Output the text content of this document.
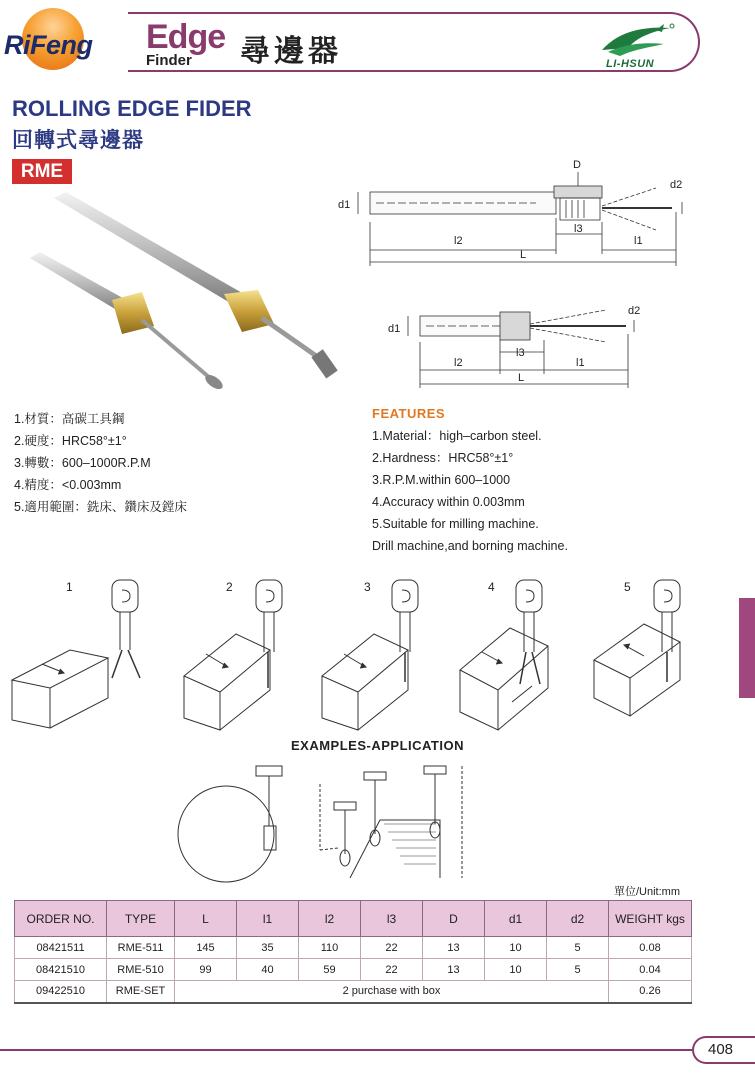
RiFeng Edge
Finder 尋邊器	LI-HSUN
ROLLING EDGE FIDER
回轉式尋邊器
RME	D
d1
d2
l3
l2	l1
L
d1
d2
l3
l2	l1
L
1.材質：高碳工具鋼
2.硬度：HRC58°±1°
3.轉數：600–1000R.P.M
4.精度：<0.003mm
5.適用範圍：銑床、鑽床及鏜床
FEATURES
1.Material：high–carbon steel.
2.Hardness：HRC58°±1°
3.R.P.M.within 600–1000
4.Accuracy within 0.003mm
5.Suitable for milling machine.
Drill machine,and borning machine.
1	2	3	4	5
EXAMPLES-APPLICATION
單位/Unit:mm
ORDER NO.	TYPE	L	l1	l2	l3	D	d1	d2	WEIGHT kgs
08421511	RME-511	145	35	110	22	13	10	5	0.08
08421510	RME-510	99	40	59	22	13	10	5	0.04
09422510	RME-SET	2 purchase with box							0.26
408
